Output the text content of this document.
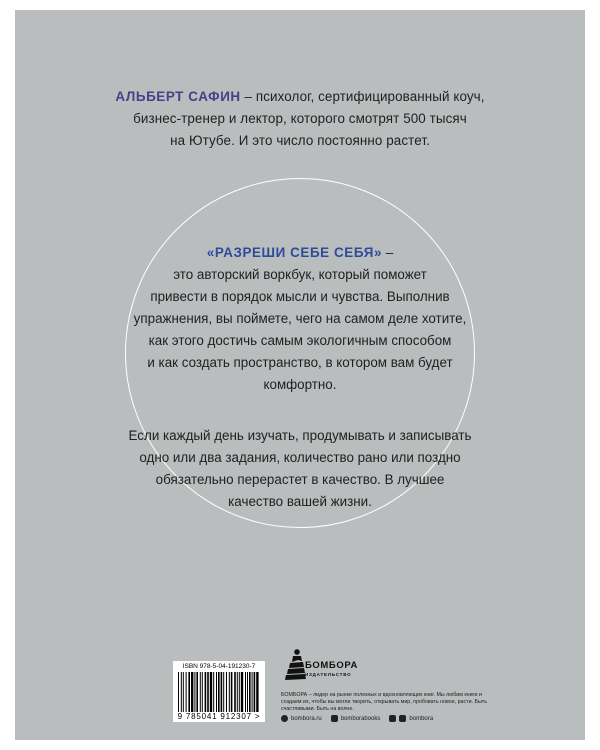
АЛЬБЕРТ САФИН – психолог, сертифицированный коуч,
бизнес-тренер и лектор, которого смотрят 500 тысяч
на Ютубе. И это число постоянно растет.
«РАЗРЕШИ СЕБЕ СЕБЯ» –
это авторский воркбук, который поможет
привести в порядок мысли и чувства. Выполнив
упражнения, вы поймете, чего на самом деле хотите,
как этого достичь самым экологичным способом
и как создать пространство, в котором вам будет
комфортно.
Если каждый день изучать, продумывать и записывать
одно или два задания, количество рано или поздно
обязательно перерастет в качество. В лучшее
качество вашей жизни.
ISBN 978-5-04-191230-7
9 785041 912307 >
БОМБОРА
ИЗДАТЕЛЬСТВО
БОМБОРА – лидер на рынке полезных и вдохновляющих книг. Мы любим книги и создаем их, чтобы вы могли творить, открывать мир, пробовать новое, расти. Быть счастливыми. Быть на волне.
bombora.ru	bomborabooks	bombora
